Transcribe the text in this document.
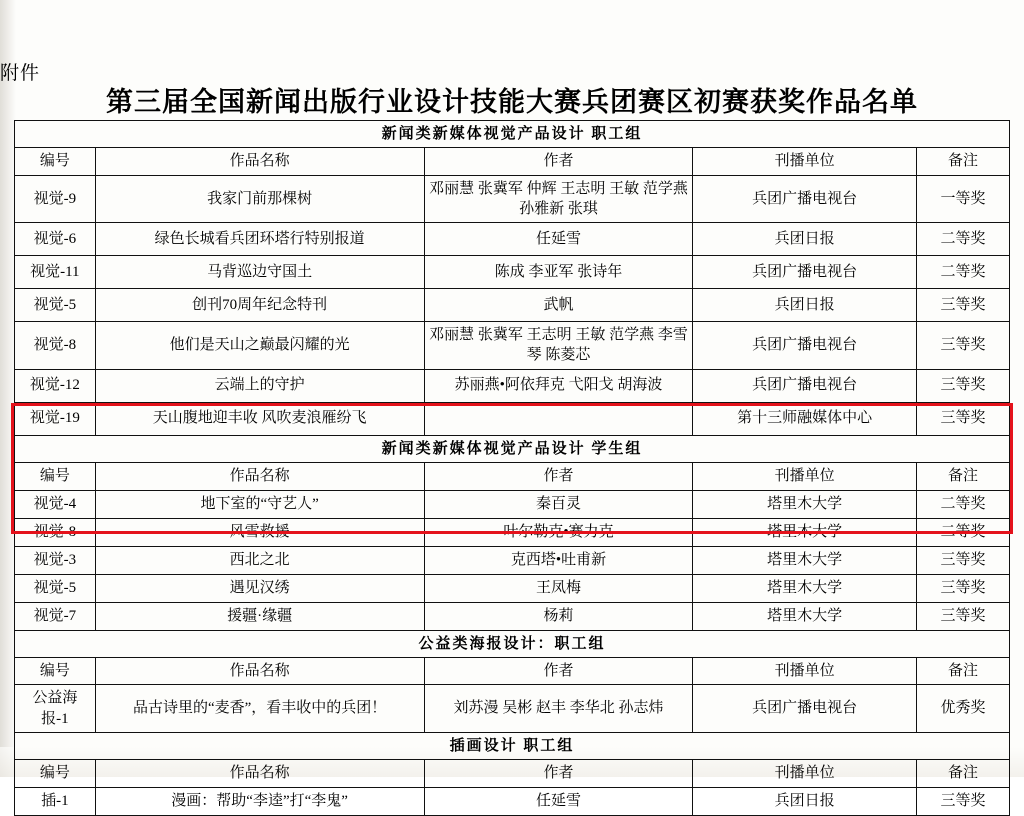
附件
第三届全国新闻出版行业设计技能大赛兵团赛区初赛获奖作品名单
新闻类新媒体视觉产品设计 职工组				
编号	作品名称	作者	刊播单位	备注
视觉-9	我家门前那棵树	邓丽慧 张冀军 仲辉 王志明 王敏 范学燕 孙雅新 张琪	兵团广播电视台	一等奖
视觉-6	绿色长城看兵团环塔行特别报道	任延雪	兵团日报	二等奖
视觉-11	马背巡边守国土	陈成 李亚军 张诗年	兵团广播电视台	二等奖
视觉-5	创刊70周年纪念特刊	武帆	兵团日报	三等奖
视觉-8	他们是天山之巅最闪耀的光	邓丽慧 张冀军 王志明 王敏 范学燕 李雪琴 陈菱芯	兵团广播电视台	三等奖
视觉-12	云端上的守护	苏丽燕•阿依拜克 弋阳戈 胡海波	兵团广播电视台	三等奖
视觉-19	天山腹地迎丰收 风吹麦浪雁纷飞		第十三师融媒体中心	三等奖
新闻类新媒体视觉产品设计 学生组				
编号	作品名称	作者	刊播单位	备注
视觉-4	地下室的“守艺人”	秦百灵	塔里木大学	二等奖
视觉-8	风雪救援	叶尔勒克•赛力克	塔里木大学	二等奖
视觉-3	西北之北	克西塔•吐甫新	塔里木大学	三等奖
视觉-5	遇见汉绣	王凤梅	塔里木大学	三等奖
视觉-7	援疆·缘疆	杨莉	塔里木大学	三等奖
公益类海报设计：职工组				
编号	作品名称	作者	刊播单位	备注
公益海报-1	品古诗里的“麦香”，看丰收中的兵团！	刘苏漫 吴彬 赵丰 李华北 孙志炜	兵团广播电视台	优秀奖
插画设计 职工组				
编号	作品名称	作者	刊播单位	备注
插-1	漫画：帮助“李逵”打“李鬼”	任延雪	兵团日报	三等奖
